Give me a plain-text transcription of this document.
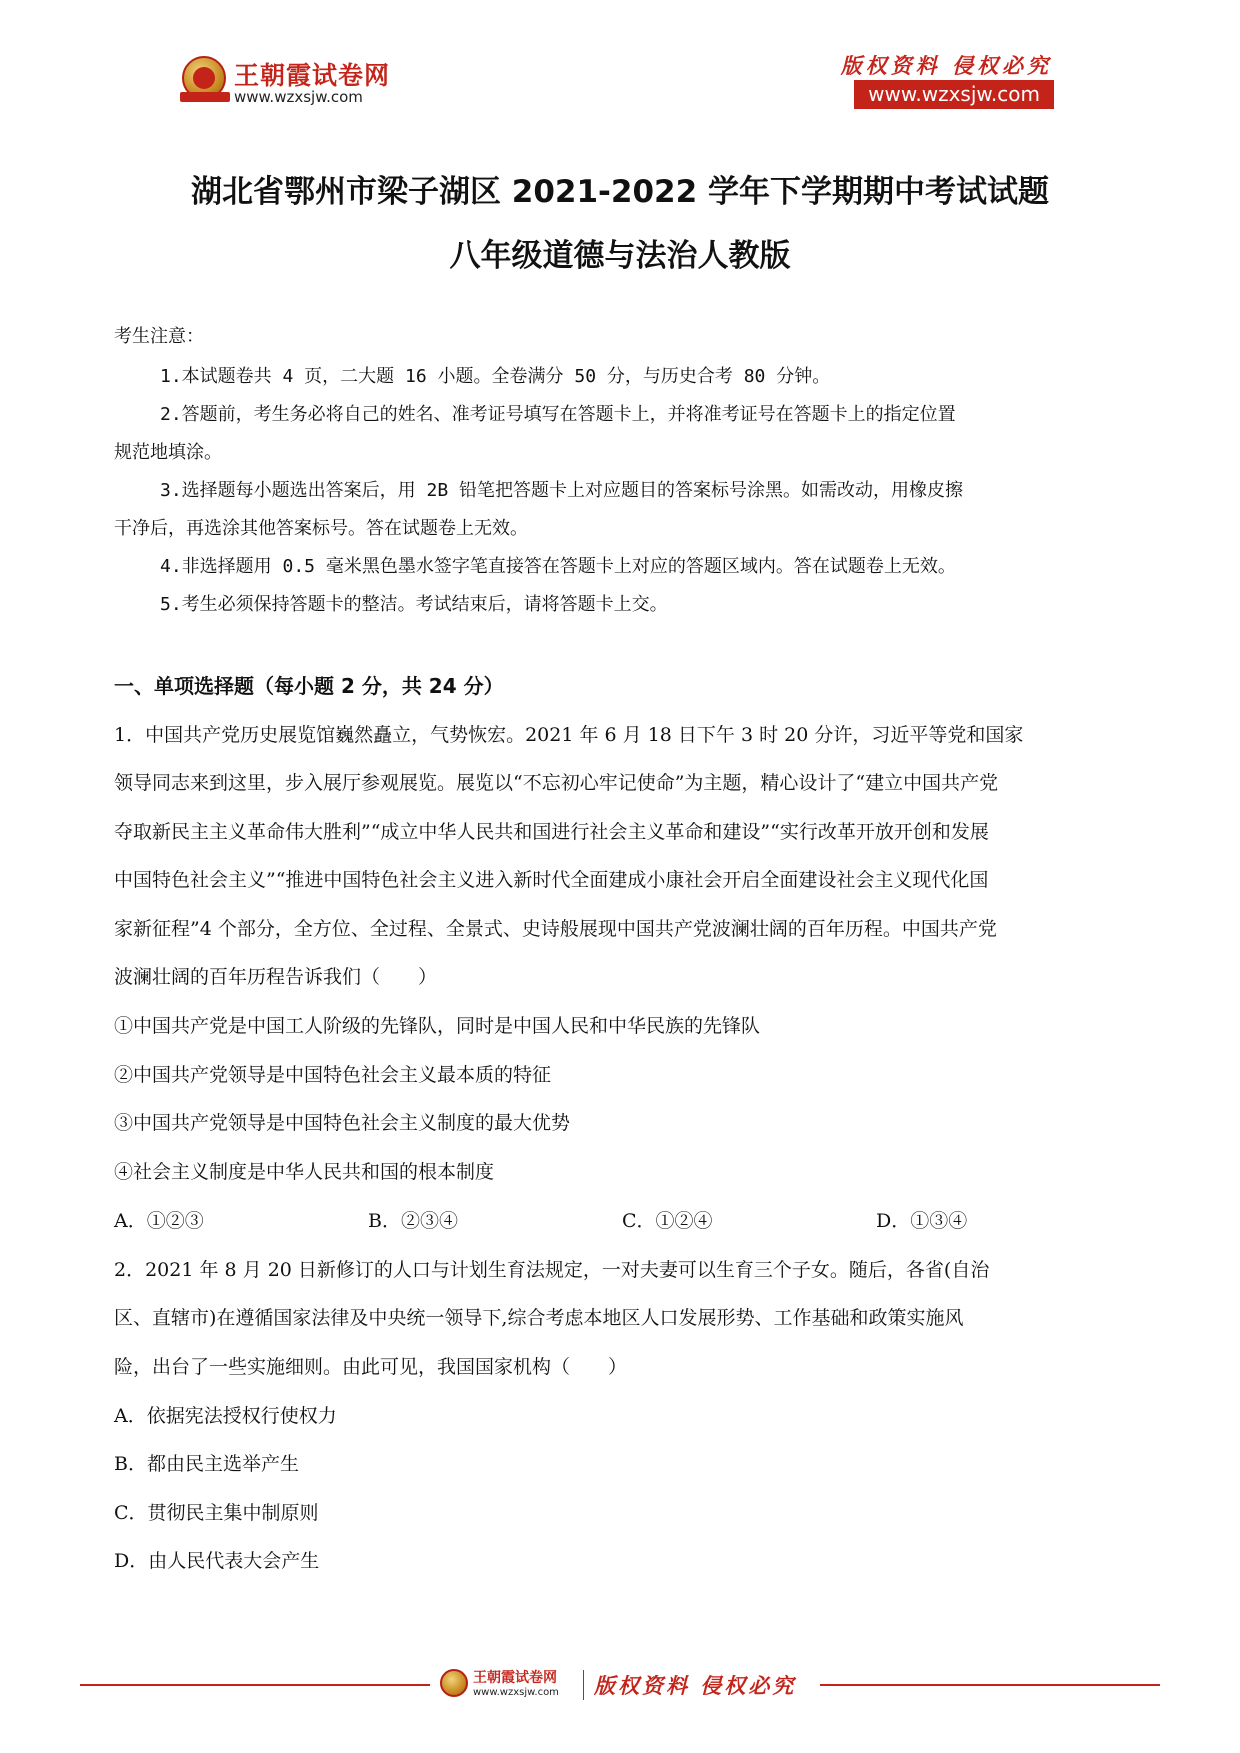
王朝霞试卷网
www.wzxsjw.com
版权资料 侵权必究
www.wzxsjw.com
湖北省鄂州市梁子湖区 2021-2022 学年下学期期中考试试题
八年级道德与法治人教版
考生注意：
1.本试题卷共 4 页，二大题 16 小题。全卷满分 50 分，与历史合考 80 分钟。
2.答题前，考生务必将自己的姓名、准考证号填写在答题卡上，并将准考证号在答题卡上的指定位置
规范地填涂。
3.选择题每小题选出答案后，用 2B 铅笔把答题卡上对应题目的答案标号涂黑。如需改动，用橡皮擦
干净后，再选涂其他答案标号。答在试题卷上无效。
4.非选择题用 0.5 毫米黑色墨水签字笔直接答在答题卡上对应的答题区域内。答在试题卷上无效。
5.考生必须保持答题卡的整洁。考试结束后，请将答题卡上交。
一、单项选择题（每小题 2 分，共 24 分）
1．中国共产党历史展览馆巍然矗立，气势恢宏。2021 年 6 月 18 日下午 3 时 20 分许，习近平等党和国家
领导同志来到这里，步入展厅参观展览。展览以“不忘初心牢记使命”为主题，精心设计了“建立中国共产党
夺取新民主主义革命伟大胜利”“成立中华人民共和国进行社会主义革命和建设”“实行改革开放开创和发展
中国特色社会主义”“推进中国特色社会主义进入新时代全面建成小康社会开启全面建设社会主义现代化国
家新征程”4 个部分，全方位、全过程、全景式、史诗般展现中国共产党波澜壮阔的百年历程。中国共产党
波澜壮阔的百年历程告诉我们（　　）
①中国共产党是中国工人阶级的先锋队，同时是中国人民和中华民族的先锋队
②中国共产党领导是中国特色社会主义最本质的特征
③中国共产党领导是中国特色社会主义制度的最大优势
④社会主义制度是中华人民共和国的根本制度
A．①②③	B．②③④	C．①②④	D．①③④
2．2021 年 8 月 20 日新修订的人口与计划生育法规定，一对夫妻可以生育三个子女。随后，各省(自治
区、直辖市)在遵循国家法律及中央统一领导下,综合考虑本地区人口发展形势、工作基础和政策实施风
险，出台了一些实施细则。由此可见，我国国家机构（　　）
A．依据宪法授权行使权力
B．都由民主选举产生
C．贯彻民主集中制原则
D．由人民代表大会产生
王朝霞试卷网
www.wzxsjw.com 版权资料 侵权必究
